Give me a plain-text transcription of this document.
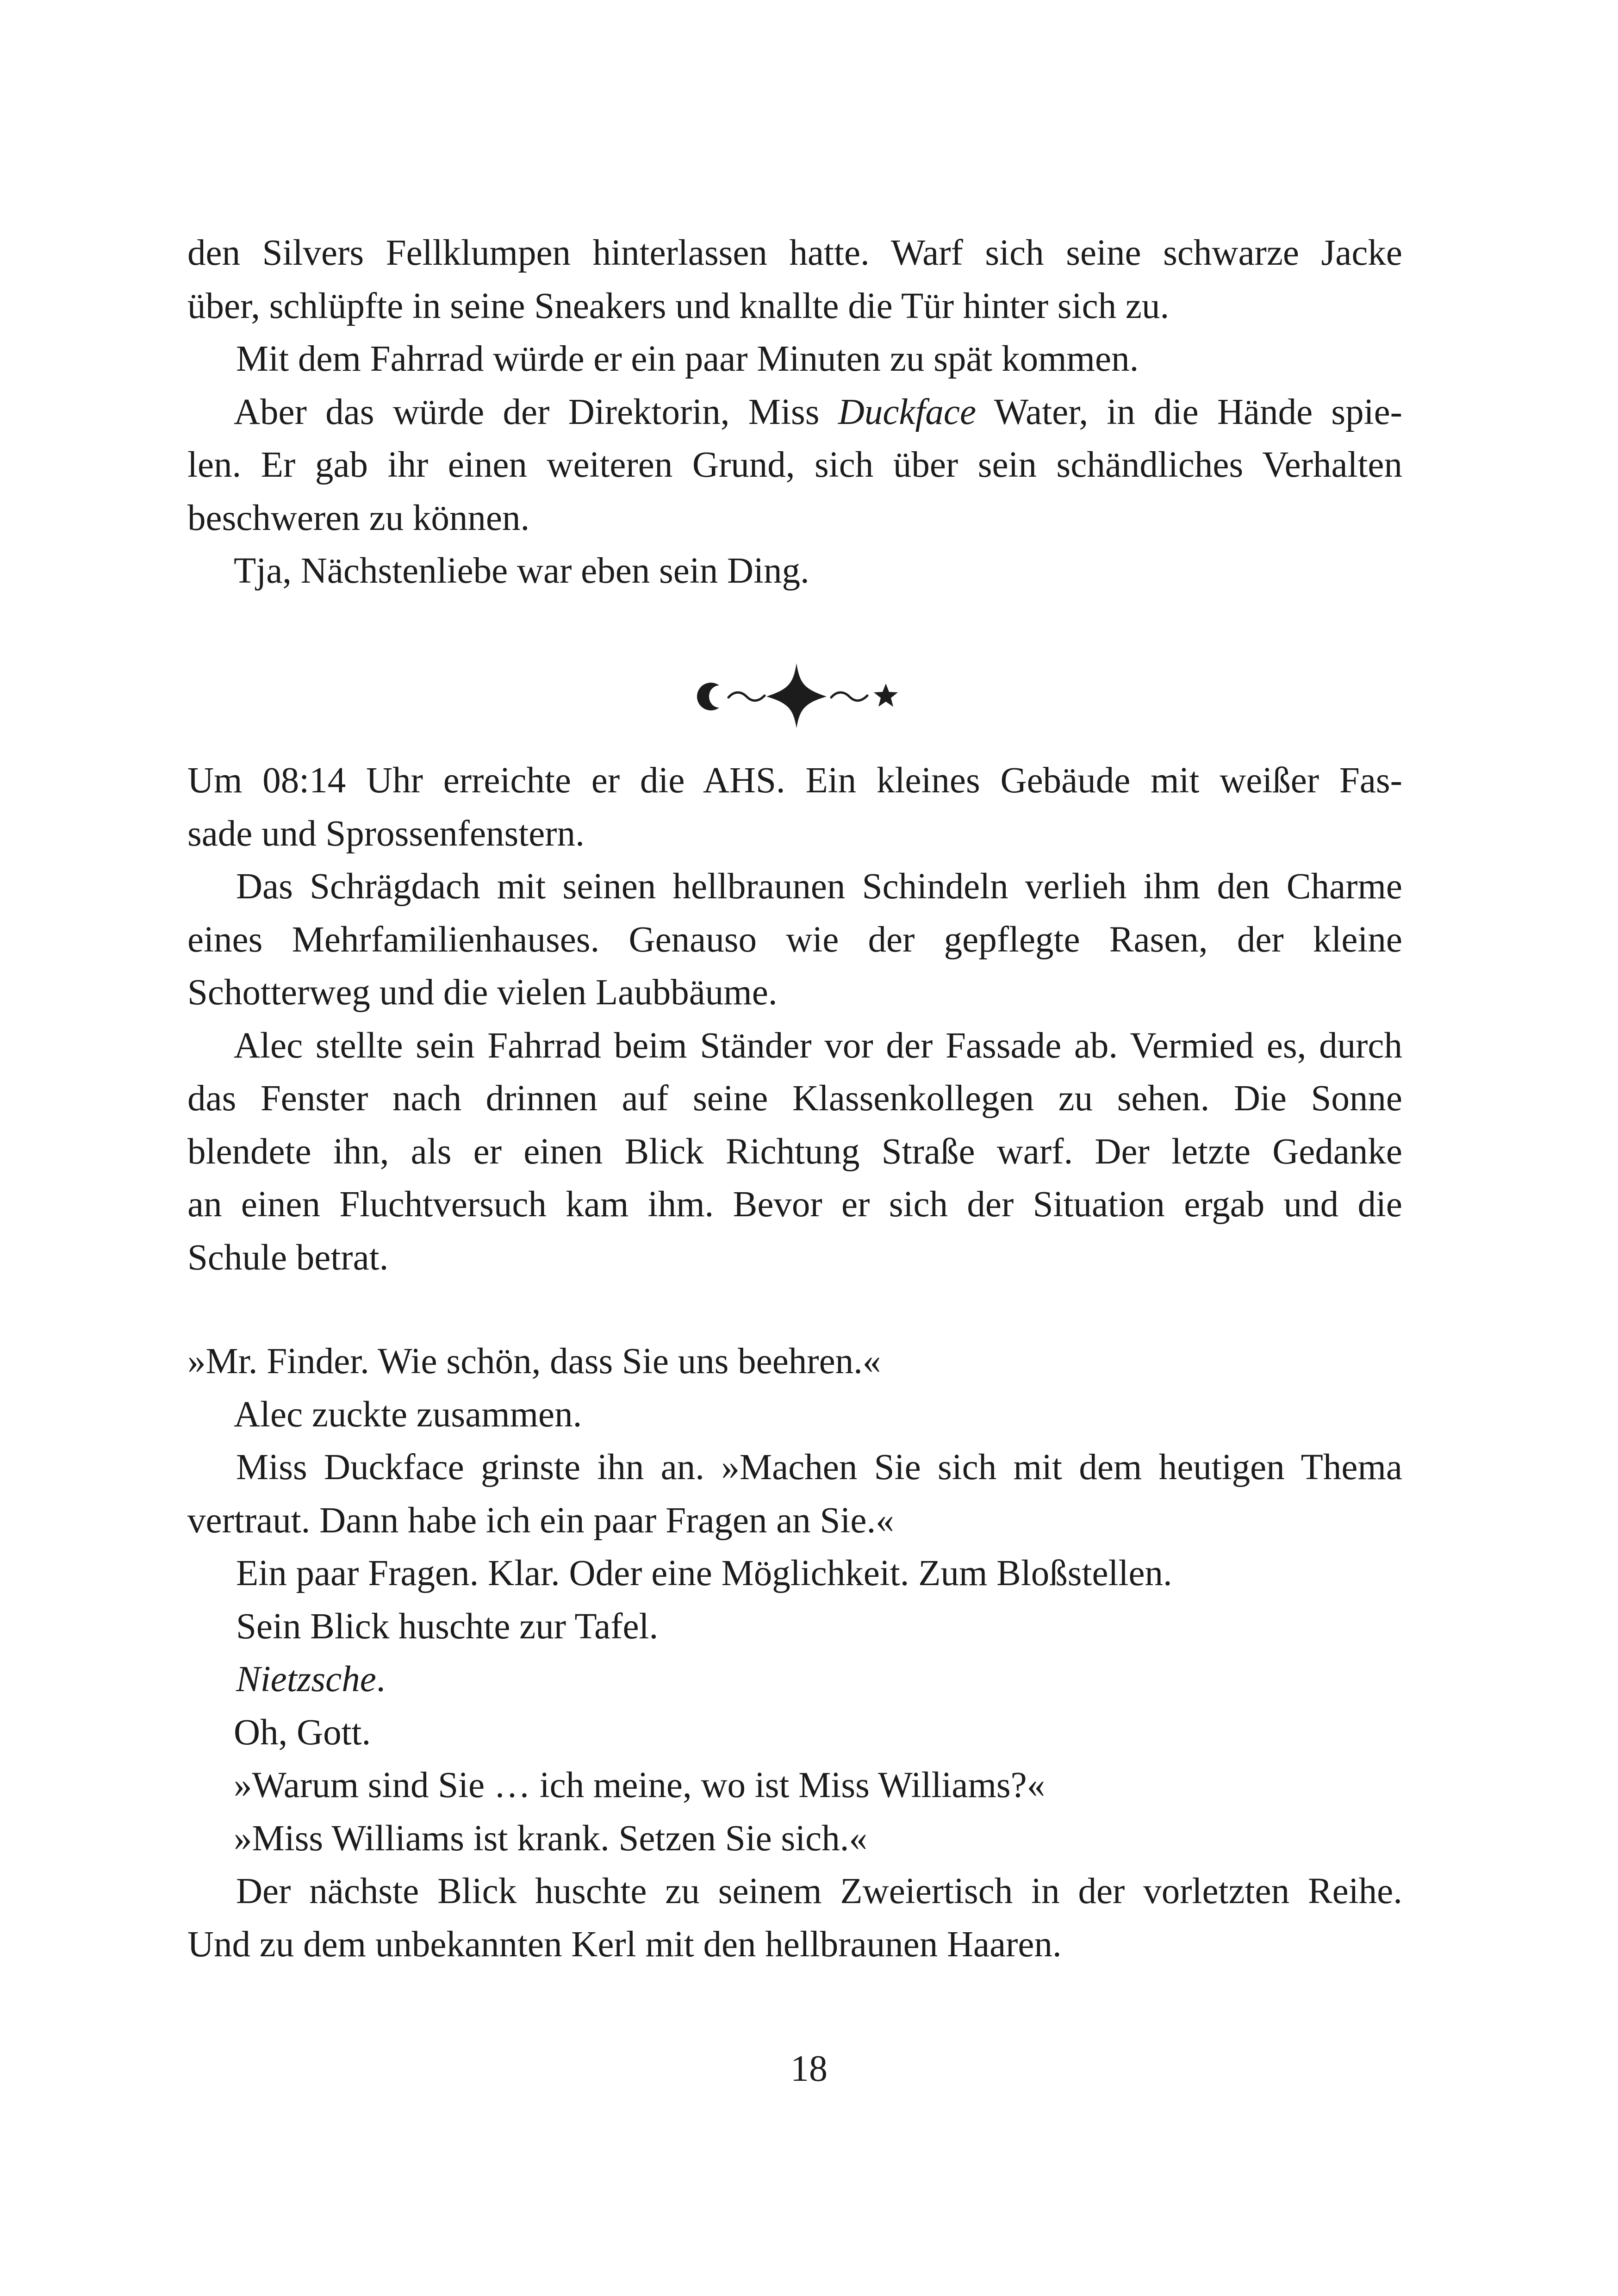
den Silvers Fellklumpen hinterlassen hatte. Warf sich seine schwarze Jacke
über, schlüpfte in seine Sneakers und knallte die Tür hinter sich zu.
Mit dem Fahrrad würde er ein paar Minuten zu spät kommen.
Aber das würde der Direktorin, Miss Duckface Water, in die Hände spie-
len. Er gab ihr einen weiteren Grund, sich über sein schändliches Verhalten
beschweren zu können.
Tja, Nächstenliebe war eben sein Ding.
Um 08:14 Uhr erreichte er die AHS. Ein kleines Gebäude mit weißer Fas-
sade und Sprossenfenstern.
Das Schrägdach mit seinen hellbraunen Schindeln verlieh ihm den Charme
eines Mehrfamilienhauses. Genauso wie der gepflegte Rasen, der kleine
Schotterweg und die vielen Laubbäume.
Alec stellte sein Fahrrad beim Ständer vor der Fassade ab. Vermied es, durch
das Fenster nach drinnen auf seine Klassenkollegen zu sehen. Die Sonne
blendete ihn, als er einen Blick Richtung Straße warf. Der letzte Gedanke
an einen Fluchtversuch kam ihm. Bevor er sich der Situation ergab und die
Schule betrat.
»Mr. Finder. Wie schön, dass Sie uns beehren.«
Alec zuckte zusammen.
Miss Duckface grinste ihn an. »Machen Sie sich mit dem heutigen Thema
vertraut. Dann habe ich ein paar Fragen an Sie.«
Ein paar Fragen. Klar. Oder eine Möglichkeit. Zum Bloßstellen.
Sein Blick huschte zur Tafel.
Nietzsche.
Oh, Gott.
»Warum sind Sie … ich meine, wo ist Miss Williams?«
»Miss Williams ist krank. Setzen Sie sich.«
Der nächste Blick huschte zu seinem Zweiertisch in der vorletzten Reihe.
Und zu dem unbekannten Kerl mit den hellbraunen Haaren.
18
